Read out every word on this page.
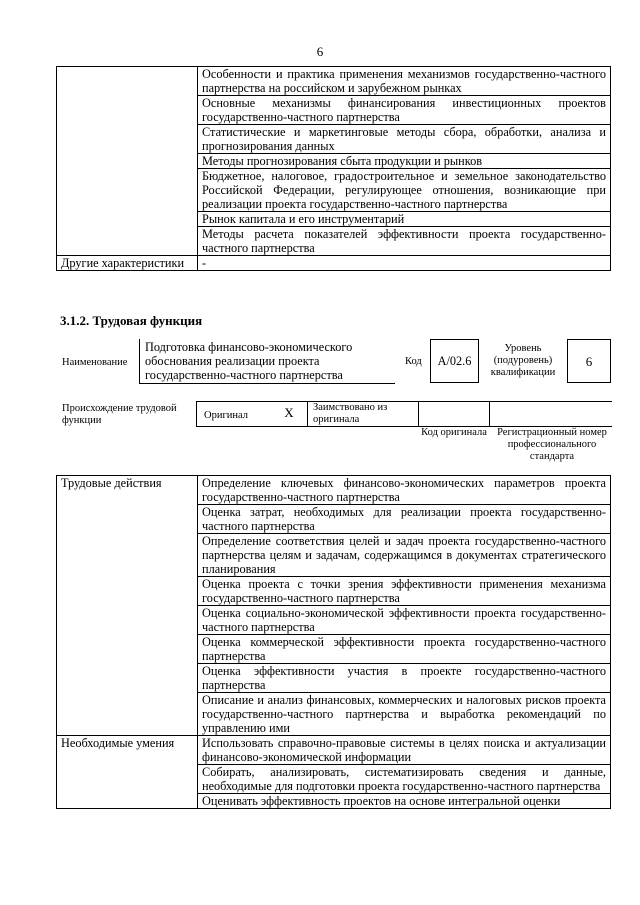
6
	Особенности и практика применения механизмов государственно-частного партнерства на российском и зарубежном рынках
	Основные механизмы финансирования инвестиционных проектов государственно-частного партнерства
	Статистические и маркетинговые методы сбора, обработки, анализа и прогнозирования данных
	Методы прогнозирования сбыта продукции и рынков
	Бюджетное, налоговое, градостроительное и земельное законодательство Российской Федерации, регулирующее отношения, возникающие при реализации проекта государственно-частного партнерства
	Рынок капитала и его инструментарий
	Методы расчета показателей эффективности проекта государственно-частного партнерства
Другие характеристики	-
3.1.2. Трудовая функция
Наименование
Подготовка финансово-экономического обоснования реализации проекта государственно-частного партнерства
Код	A/02.6
Уровень (подуровень) квалификации
6
Происхождение трудовой функции	Оригинал	X	Заимствовано из оригинала
Код оригинала Регистрационный номер профессионального стандарта
Трудовые действия	Определение ключевых финансово-экономических параметров проекта государственно-частного партнерства
	Оценка затрат, необходимых для реализации проекта государственно-частного партнерства
	Определение соответствия целей и задач проекта государственно-частного партнерства целям и задачам, содержащимся в документах стратегического планирования
	Оценка проекта с точки зрения эффективности применения механизма государственно-частного партнерства
	Оценка социально-экономической эффективности проекта государственно-частного партнерства
	Оценка коммерческой эффективности проекта государственно-частного партнерства
	Оценка эффективности участия в проекте государственно-частного партнерства
	Описание и анализ финансовых, коммерческих и налоговых рисков проекта государственно-частного партнерства и выработка рекомендаций по управлению ими
Необходимые умения	Использовать справочно-правовые системы в целях поиска и актуализации финансово-экономической информации
	Собирать, анализировать, систематизировать сведения и данные, необходимые для подготовки проекта государственно-частного партнерства
	Оценивать эффективность проектов на основе интегральной оценки
